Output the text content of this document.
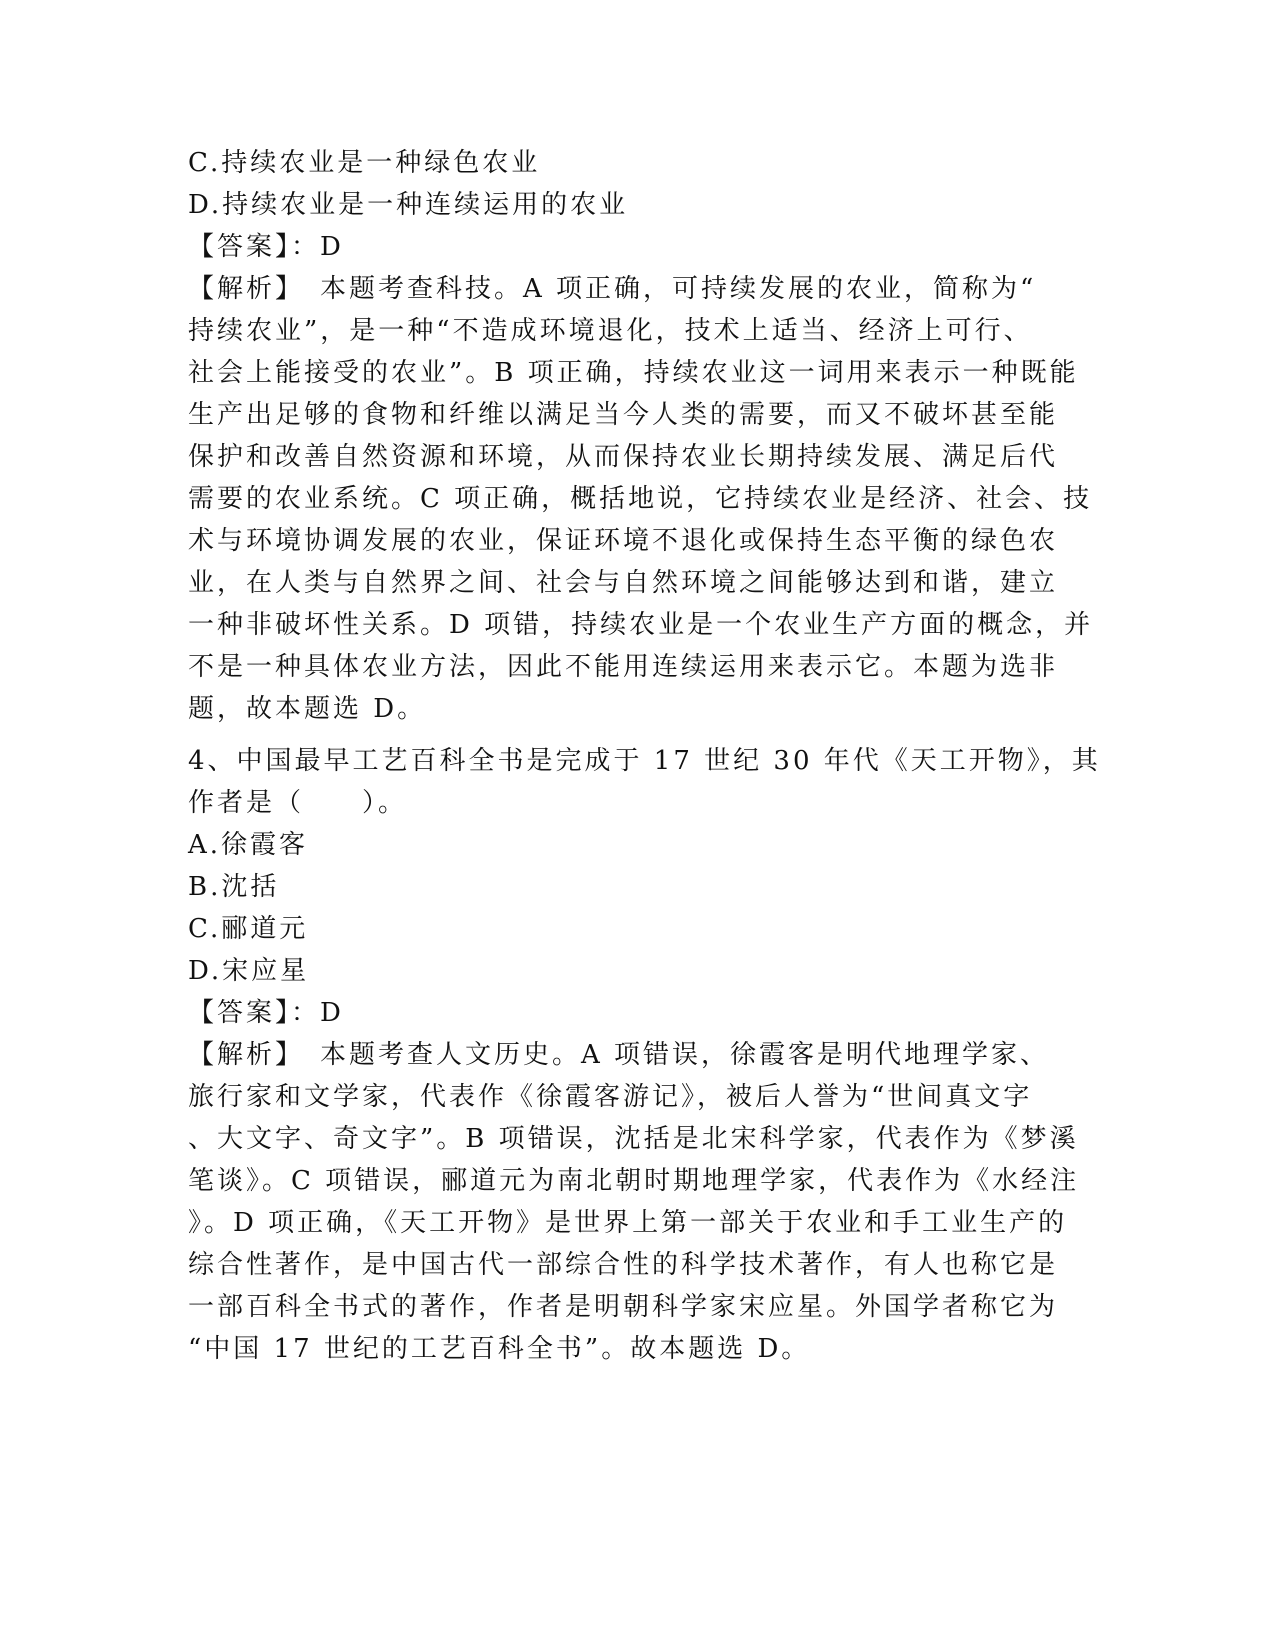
C.持续农业是一种绿色农业
D.持续农业是一种连续运用的农业
【答案】：D
【解析】　本题考查科技。A 项正确，可持续发展的农业，简称为“
持续农业”，是一种“不造成环境退化，技术上适当、经济上可行、
社会上能接受的农业”。B 项正确，持续农业这一词用来表示一种既能
生产出足够的食物和纤维以满足当今人类的需要，而又不破坏甚至能
保护和改善自然资源和环境，从而保持农业长期持续发展、满足后代
需要的农业系统。C 项正确，概括地说，它持续农业是经济、社会、技
术与环境协调发展的农业，保证环境不退化或保持生态平衡的绿色农
业，在人类与自然界之间、社会与自然环境之间能够达到和谐，建立
一种非破坏性关系。D 项错，持续农业是一个农业生产方面的概念，并
不是一种具体农业方法，因此不能用连续运用来表示它。本题为选非
题，故本题选 D。
4、中国最早工艺百科全书是完成于 17 世纪 30 年代《天工开物》，其
作者是（　　）。
A.徐霞客
B.沈括
C.郦道元
D.宋应星
【答案】：D
【解析】　本题考查人文历史。A 项错误，徐霞客是明代地理学家、
旅行家和文学家，代表作《徐霞客游记》，被后人誉为“世间真文字
、大文字、奇文字”。B 项错误，沈括是北宋科学家，代表作为《梦溪
笔谈》。C 项错误，郦道元为南北朝时期地理学家，代表作为《水经注
》。D 项正确，《天工开物》是世界上第一部关于农业和手工业生产的
综合性著作，是中国古代一部综合性的科学技术著作，有人也称它是
一部百科全书式的著作，作者是明朝科学家宋应星。外国学者称它为
“中国 17 世纪的工艺百科全书”。故本题选 D。
